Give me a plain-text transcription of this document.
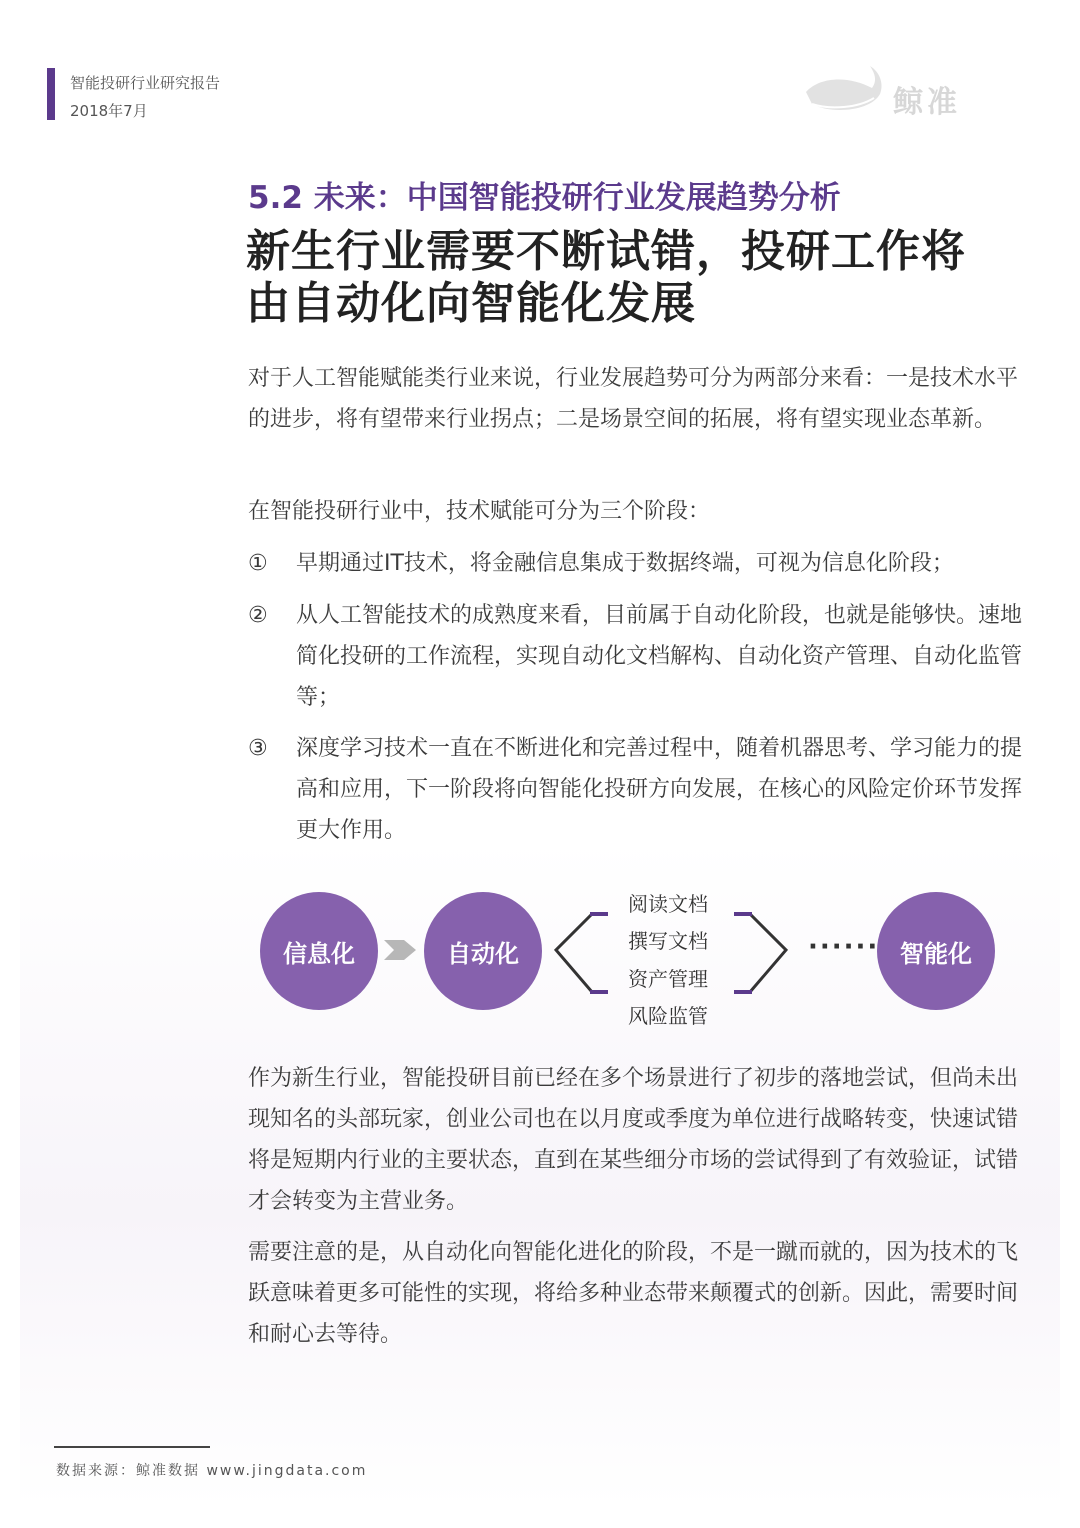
智能投研行业研究报告
2018年7月	鲸准
5.2 未来：中国智能投研行业发展趋势分析
新生行业需要不断试错，投研工作将
由自动化向智能化发展
对于人工智能赋能类行业来说，行业发展趋势可分为两部分来看：一是技术水平的进步，将有望带来行业拐点；二是场景空间的拓展，将有望实现业态革新。
在智能投研行业中，技术赋能可分为三个阶段：
①	早期通过IT技术，将金融信息集成于数据终端，可视为信息化阶段；
②	从人工智能技术的成熟度来看，目前属于自动化阶段，也就是能够快。速地简化投研的工作流程，实现自动化文档解构、自动化资产管理、自动化监管等；
③	深度学习技术一直在不断进化和完善过程中，随着机器思考、学习能力的提高和应用，下一阶段将向智能化投研方向发展，在核心的风险定价环节发挥更大作用。
信息化	自动化	智能化
阅读文档
撰写文档
资产管理
风险监管
······
作为新生行业，智能投研目前已经在多个场景进行了初步的落地尝试，但尚未出现知名的头部玩家，创业公司也在以月度或季度为单位进行战略转变，快速试错将是短期内行业的主要状态，直到在某些细分市场的尝试得到了有效验证，试错才会转变为主营业务。
需要注意的是，从自动化向智能化进化的阶段，不是一蹴而就的，因为技术的飞跃意味着更多可能性的实现，将给多种业态带来颠覆式的创新。因此，需要时间和耐心去等待。
数据来源：鲸准数据 www.jingdata.com
